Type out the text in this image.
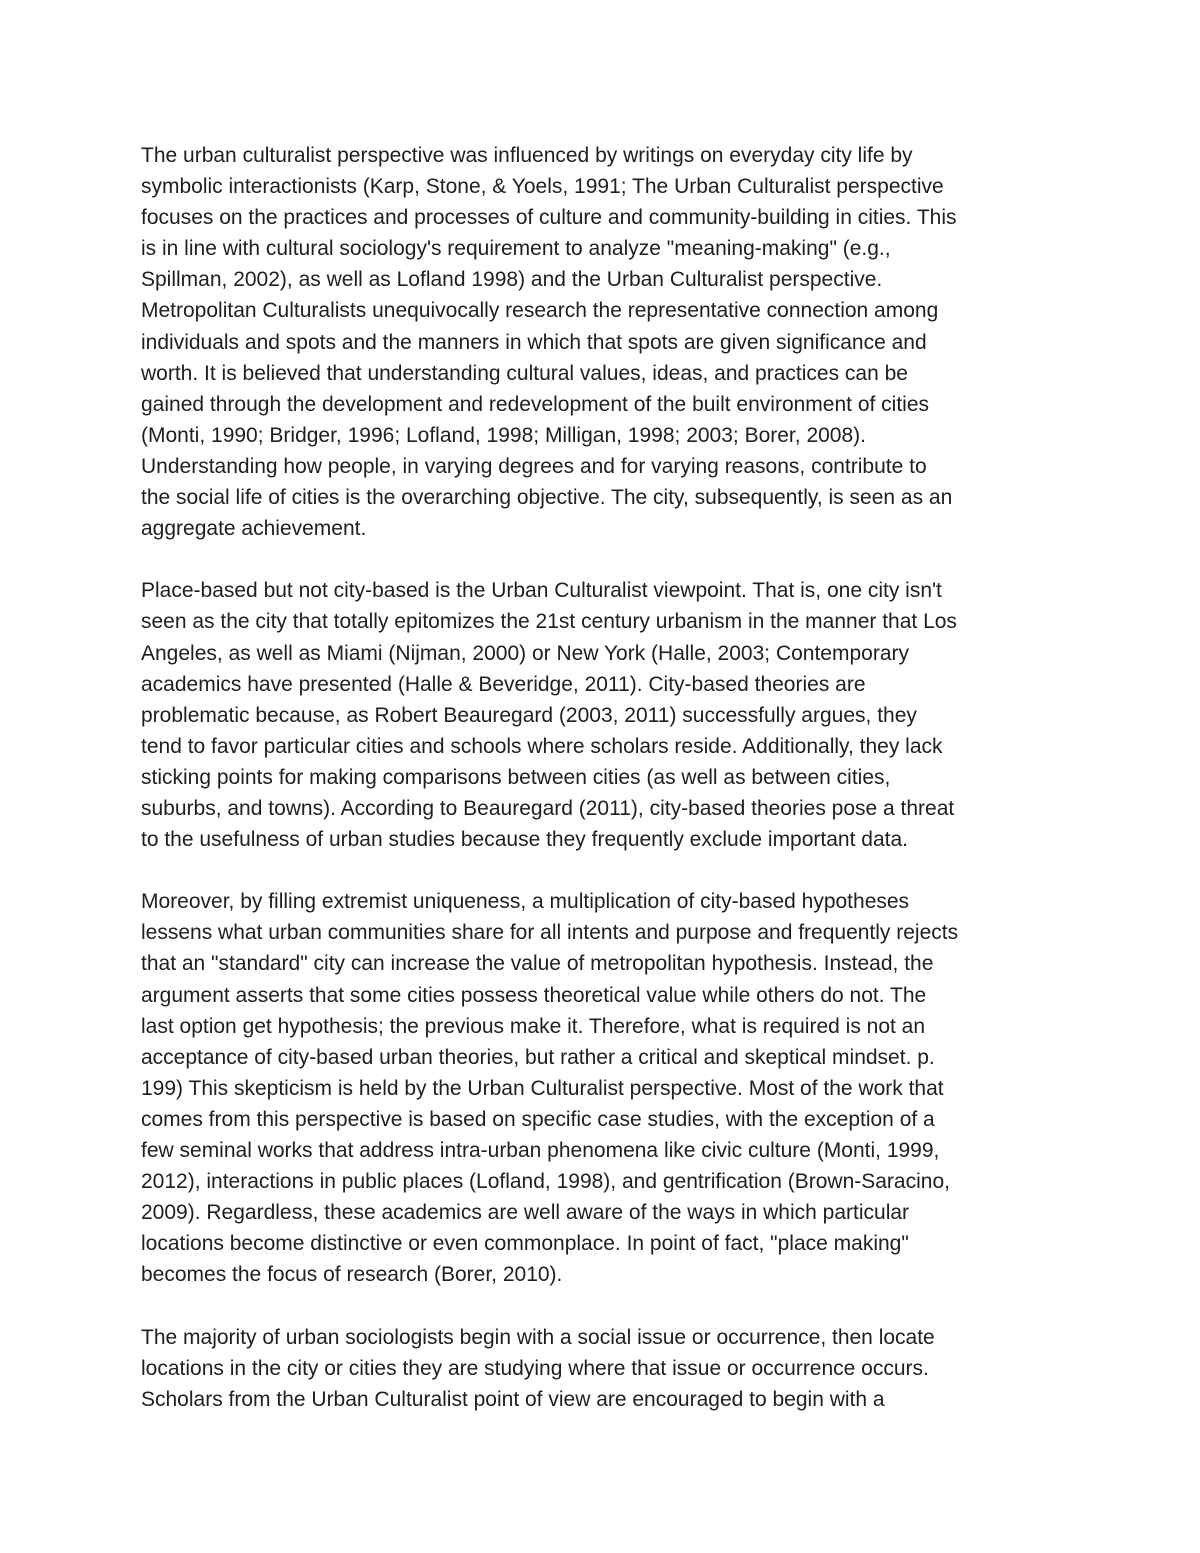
The urban culturalist perspective was influenced by writings on everyday city life by
symbolic interactionists (Karp, Stone, & Yoels, 1991; The Urban Culturalist perspective
focuses on the practices and processes of culture and community-building in cities. This
is in line with cultural sociology's requirement to analyze "meaning-making" (e.g.,
Spillman, 2002), as well as Lofland 1998) and the Urban Culturalist perspective.
Metropolitan Culturalists unequivocally research the representative connection among
individuals and spots and the manners in which that spots are given significance and
worth. It is believed that understanding cultural values, ideas, and practices can be
gained through the development and redevelopment of the built environment of cities
(Monti, 1990; Bridger, 1996; Lofland, 1998; Milligan, 1998; 2003; Borer, 2008).
Understanding how people, in varying degrees and for varying reasons, contribute to
the social life of cities is the overarching objective. The city, subsequently, is seen as an
aggregate achievement.

Place-based but not city-based is the Urban Culturalist viewpoint. That is, one city isn't
seen as the city that totally epitomizes the 21st century urbanism in the manner that Los
Angeles, as well as Miami (Nijman, 2000) or New York (Halle, 2003; Contemporary
academics have presented (Halle & Beveridge, 2011). City-based theories are
problematic because, as Robert Beauregard (2003, 2011) successfully argues, they
tend to favor particular cities and schools where scholars reside. Additionally, they lack
sticking points for making comparisons between cities (as well as between cities,
suburbs, and towns). According to Beauregard (2011), city-based theories pose a threat
to the usefulness of urban studies because they frequently exclude important data.

Moreover, by filling extremist uniqueness, a multiplication of city-based hypotheses
lessens what urban communities share for all intents and purpose and frequently rejects
that an "standard" city can increase the value of metropolitan hypothesis. Instead, the
argument asserts that some cities possess theoretical value while others do not. The
last option get hypothesis; the previous make it. Therefore, what is required is not an
acceptance of city-based urban theories, but rather a critical and skeptical mindset. p.
199) This skepticism is held by the Urban Culturalist perspective. Most of the work that
comes from this perspective is based on specific case studies, with the exception of a
few seminal works that address intra-urban phenomena like civic culture (Monti, 1999,
2012), interactions in public places (Lofland, 1998), and gentrification (Brown-Saracino,
2009). Regardless, these academics are well aware of the ways in which particular
locations become distinctive or even commonplace. In point of fact, "place making"
becomes the focus of research (Borer, 2010).

The majority of urban sociologists begin with a social issue or occurrence, then locate
locations in the city or cities they are studying where that issue or occurrence occurs.
Scholars from the Urban Culturalist point of view are encouraged to begin with a
